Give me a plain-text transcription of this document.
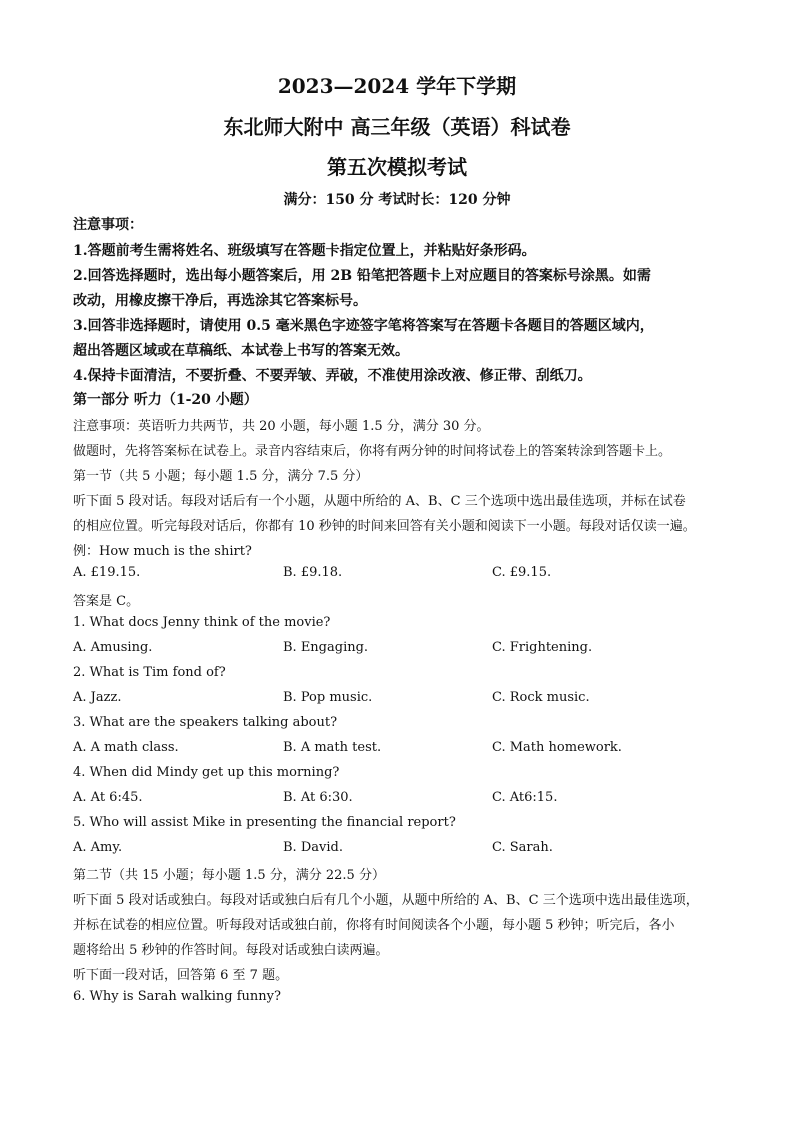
2023—2024 学年下学期
东北师大附中 高三年级（英语）科试卷
第五次模拟考试
满分：150 分 考试时长：120 分钟
注意事项：
1.答题前考生需将姓名、班级填写在答题卡指定位置上，并粘贴好条形码。
2.回答选择题时，选出每小题答案后，用 2B 铅笔把答题卡上对应题目的答案标号涂黑。如需
改动，用橡皮擦干净后，再选涂其它答案标号。
3.回答非选择题时，请使用 0.5 毫米黑色字迹签字笔将答案写在答题卡各题目的答题区域内，
超出答题区域或在草稿纸、本试卷上书写的答案无效。
4.保持卡面清洁，不要折叠、不要弄皱、弄破，不准使用涂改液、修正带、刮纸刀。
第一部分 听力（1-20 小题）
注意事项：英语听力共两节，共 20 小题，每小题 1.5 分，满分 30 分。
做题时，先将答案标在试卷上。录音内容结束后，你将有两分钟的时间将试卷上的答案转涂到答题卡上。
第一节（共 5 小题；每小题 1.5 分，满分 7.5 分）
听下面 5 段对话。每段对话后有一个小题，从题中所给的 A、B、C 三个选项中选出最佳选项，并标在试卷
的相应位置。听完每段对话后，你都有 10 秒钟的时间来回答有关小题和阅读下一小题。每段对话仅读一遍。
例：How much is the shirt?
A. £19.15.	B. £9.18.	C. £9.15.
答案是 C。
1. What docs Jenny think of the movie?
A. Amusing.	B. Engaging.	C. Frightening.
2. What is Tim fond of?
A. Jazz.	B. Pop music.	C. Rock music.
3. What are the speakers talking about?
A. A math class.	B. A math test.	C. Math homework.
4. When did Mindy get up this morning?
A. At 6:45.	B. At 6:30.	C. At6:15.
5. Who will assist Mike in presenting the financial report?
A. Amy.	B. David.	C. Sarah.
第二节（共 15 小题；每小题 1.5 分，满分 22.5 分）
听下面 5 段对话或独白。每段对话或独白后有几个小题，从题中所给的 A、B、C 三个选项中选出最佳选项，
并标在试卷的相应位置。听每段对话或独白前，你将有时间阅读各个小题，每小题 5 秒钟；听完后，各小
题将给出 5 秒钟的作答时间。每段对话或独白读两遍。
听下面一段对话，回答第 6 至 7 题。
6. Why is Sarah walking funny?
